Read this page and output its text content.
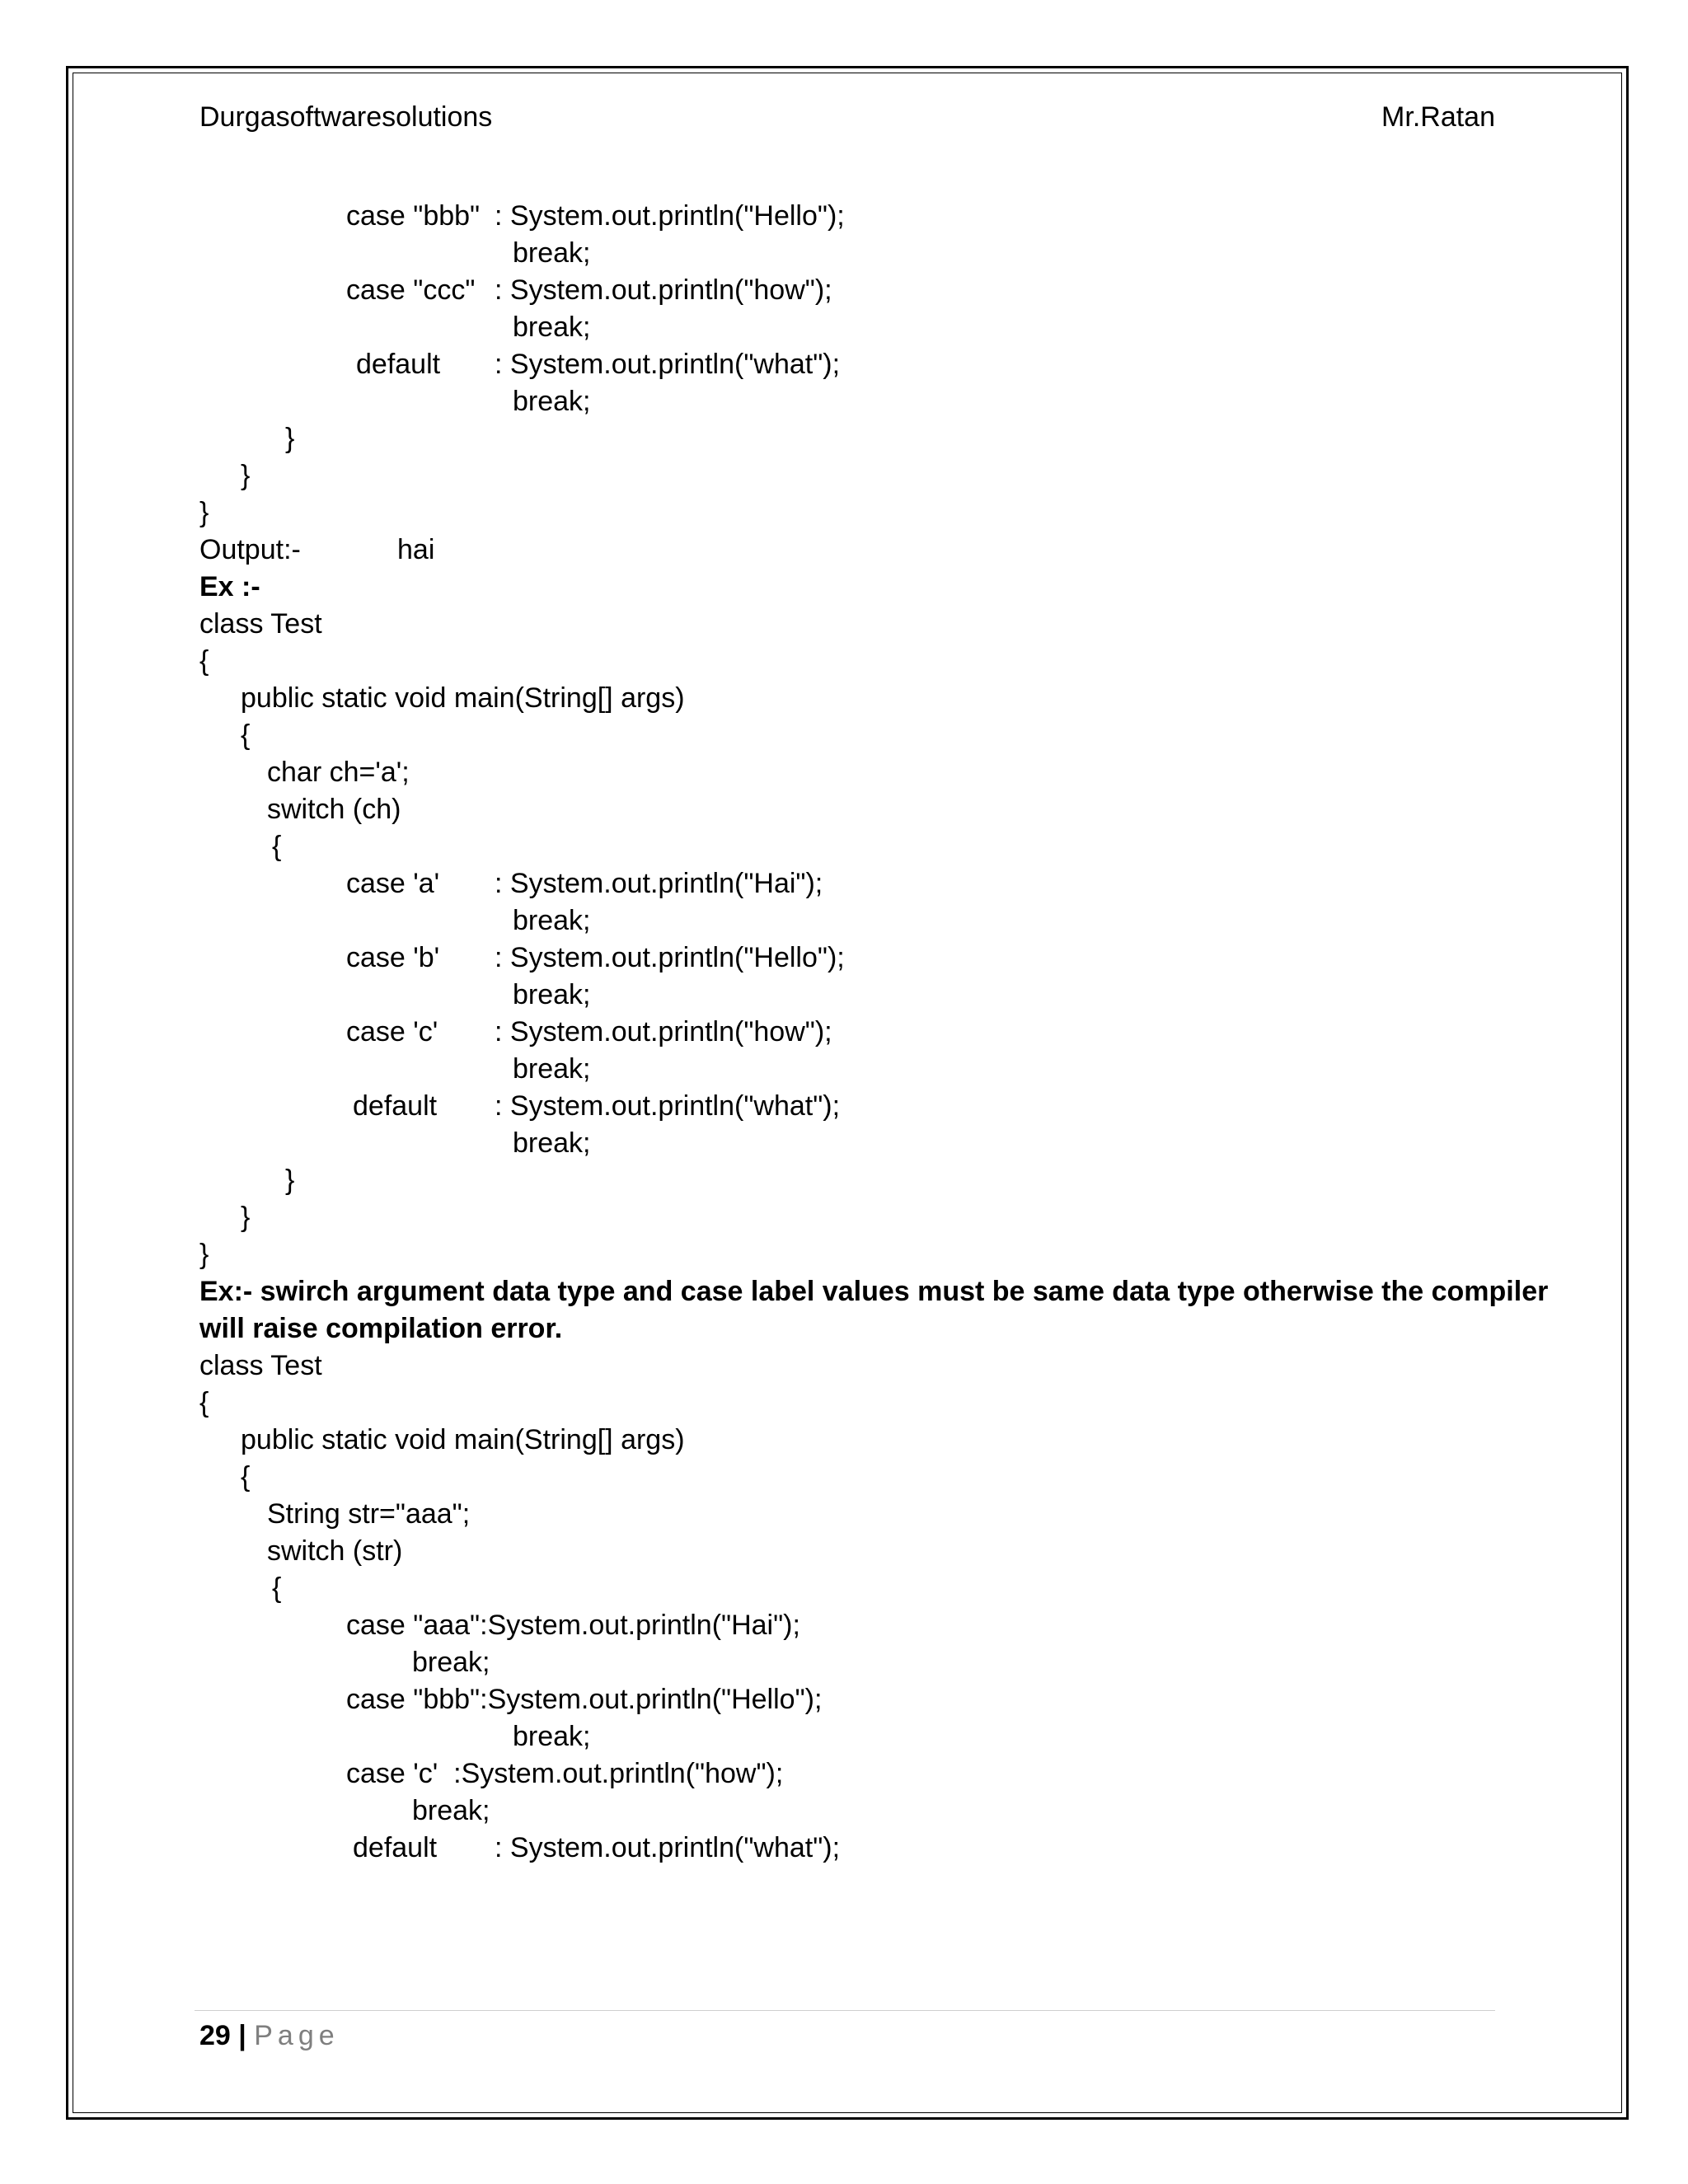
Durgasoftwaresolutions	Mr.Ratan
case "bbb" : System.out.println("Hello");
break;
case "ccc" : System.out.println("how");
break;
default : System.out.println("what");
break;
}
}
}
Output:-	hai
Ex :-
class Test
{
public static void main(String[] args)
{
char ch='a';
switch (ch)
{
case 'a' : System.out.println("Hai");
break;
case 'b' : System.out.println("Hello");
break;
case 'c' : System.out.println("how");
break;
default : System.out.println("what");
break;
}
}
}
Ex:- swirch argument data type and case label values must be same data type otherwise the compiler
will raise compilation error.
class Test
{
public static void main(String[] args)
{
String str="aaa";
switch (str)
{
case "aaa":System.out.println("Hai");
break;
case "bbb":System.out.println("Hello");
break;
case 'c'  :System.out.println("how");
break;
default : System.out.println("what");
29 | Page
